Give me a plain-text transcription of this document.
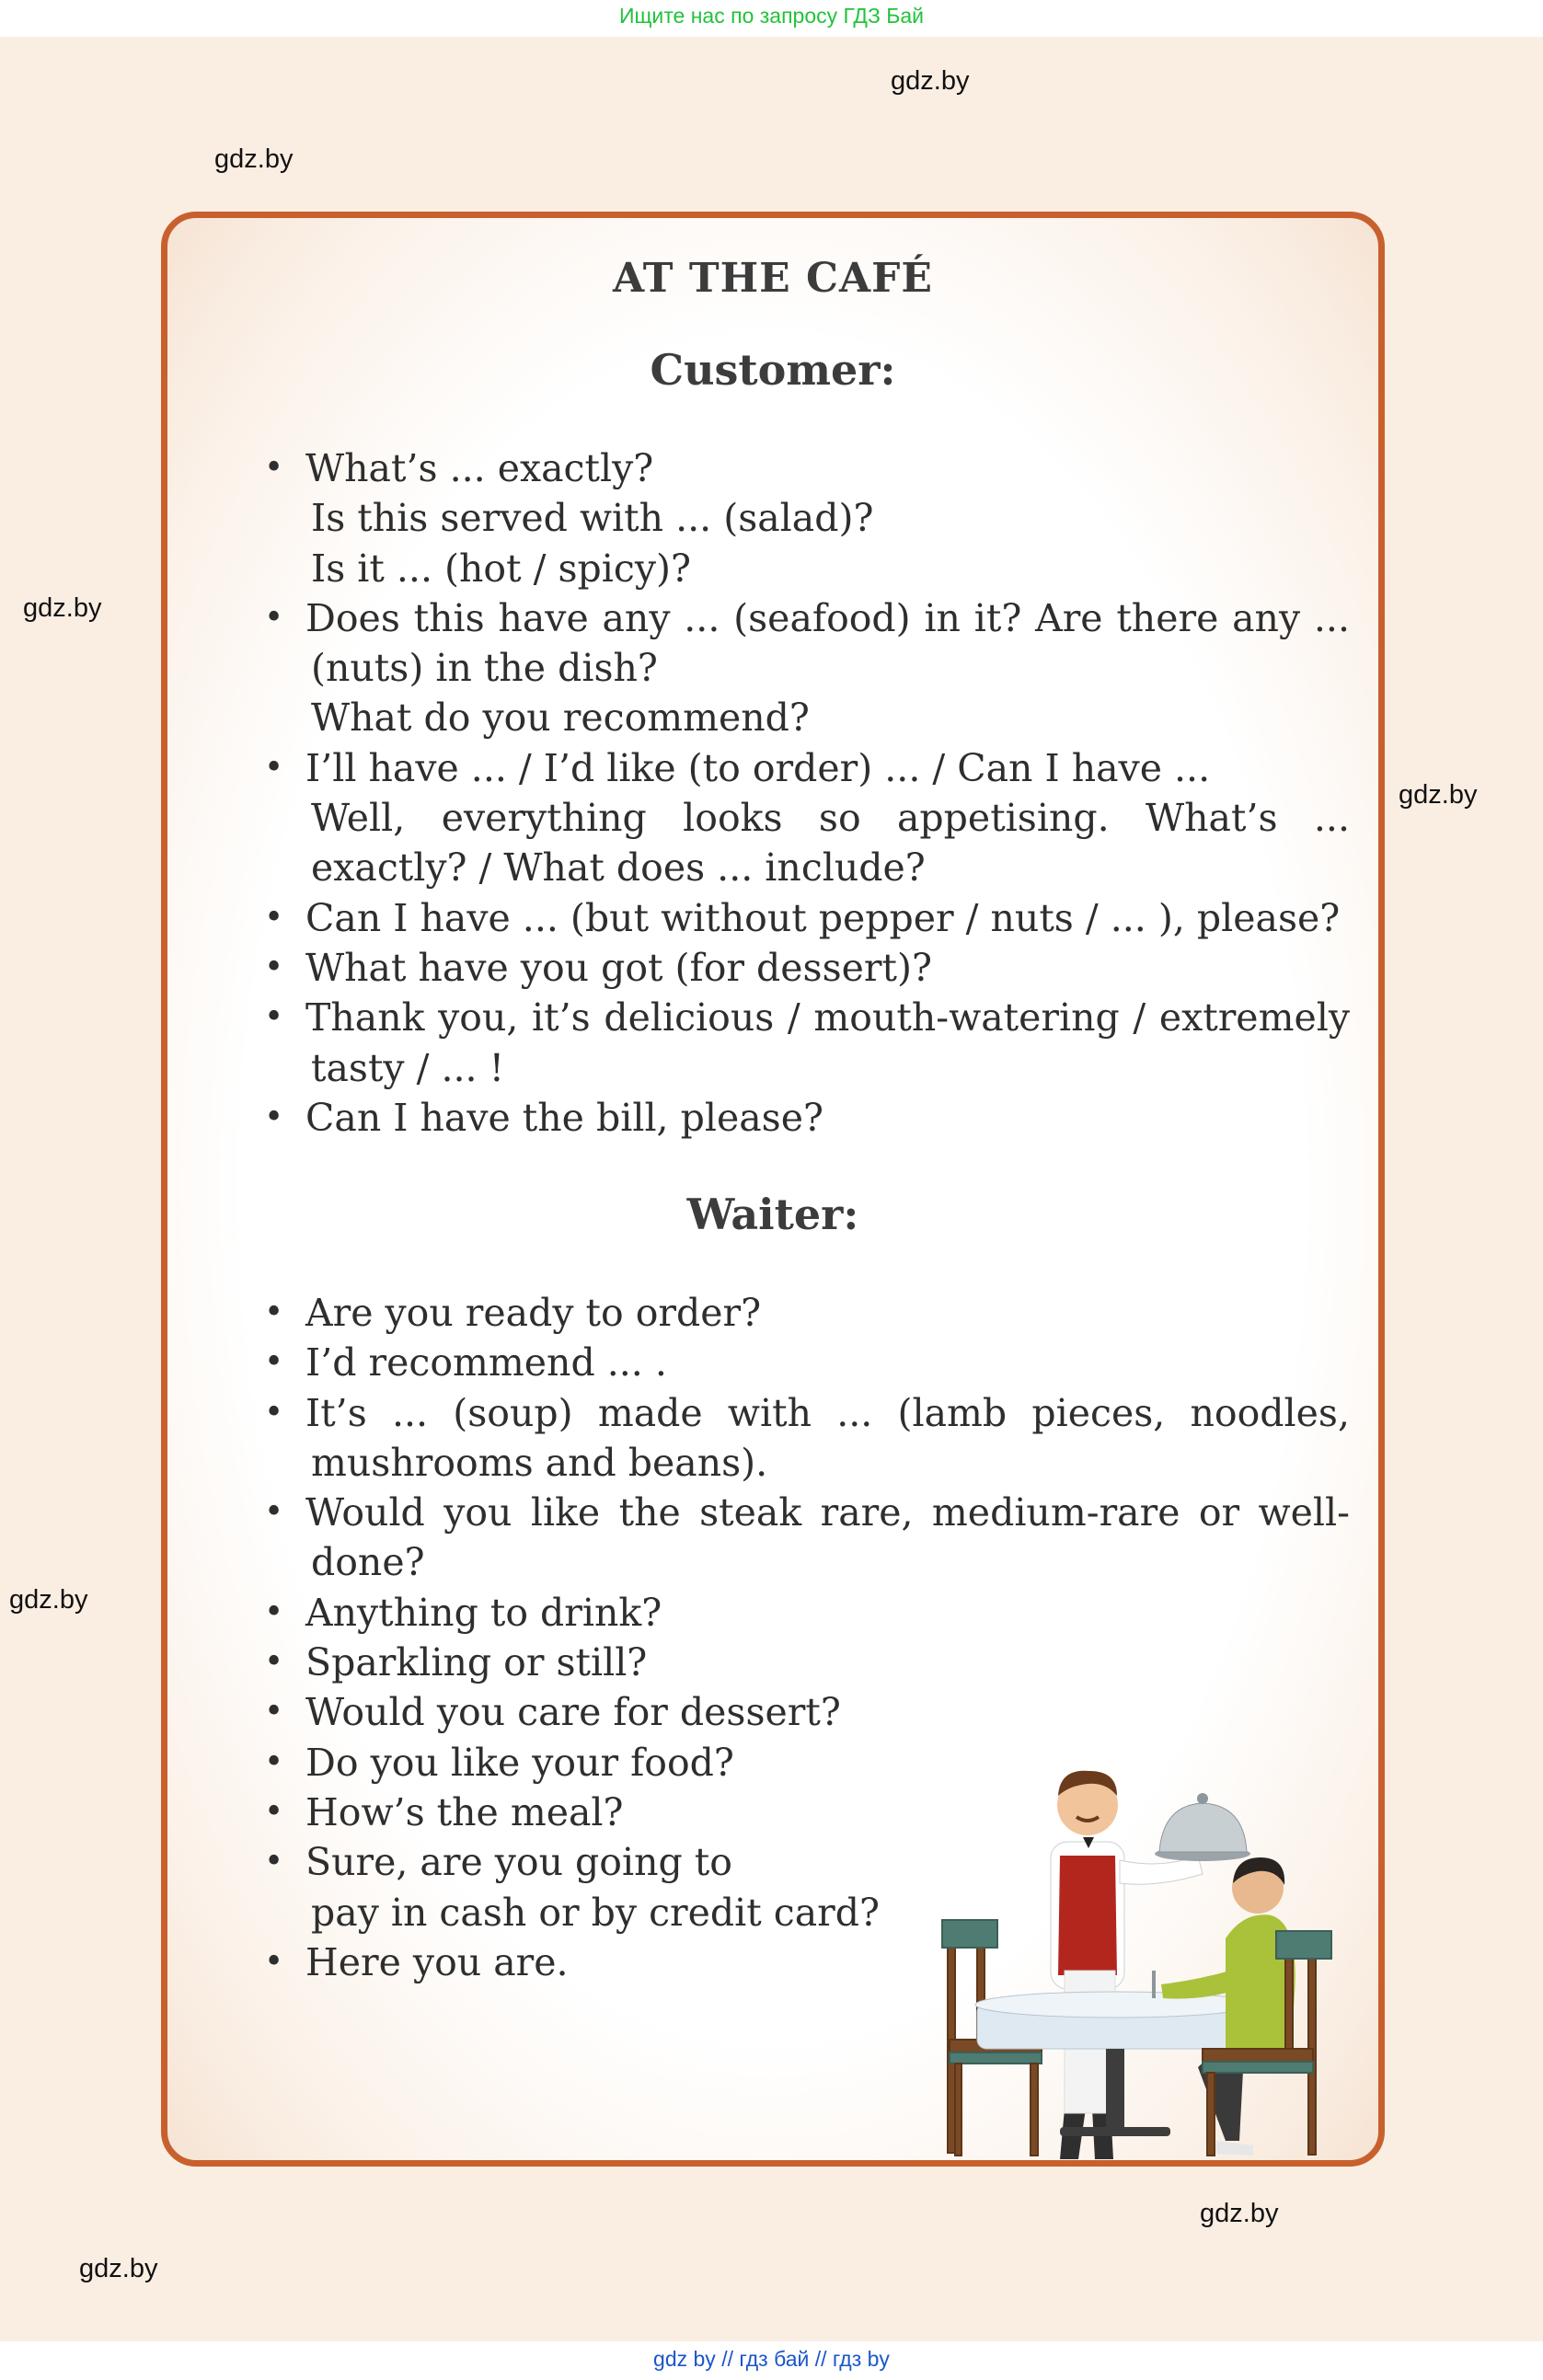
Ищите нас по запросу ГДЗ Бай
gdz.by
gdz.by
gdz.by
gdz.by
gdz.by
gdz.by
gdz.by
AT THE CAFÉ
Customer:
• What’s ... exactly?
Is this served with ... (salad)?
Is it ... (hot / spicy)?
• Does this have any ... (seafood) in it? Are there any ...
(nuts) in the dish?
What do you recommend?
• I’ll have ... / I’d like (to order) ... / Can I have ...
Well, everything looks so appetising. What’s ...
exactly? / What does ... include?
• Can I have ... (but without pepper / nuts / ... ), please?
• What have you got (for dessert)?
• Thank you, it’s delicious / mouth-watering / extremely
tasty / ... !
• Can I have the bill, please?
Waiter:
• Are you ready to order?
• I’d recommend ... .
• It’s ... (soup) made with ... (lamb pieces, noodles,
mushrooms and beans).
• Would you like the steak rare, medium-rare or well-
done?
• Anything to drink?
• Sparkling or still?
• Would you care for dessert?
• Do you like your food?
• How’s the meal?
• Sure, are you going to
pay in cash or by credit card?
• Here you are.
gdz by // гдз бай // гдз by
